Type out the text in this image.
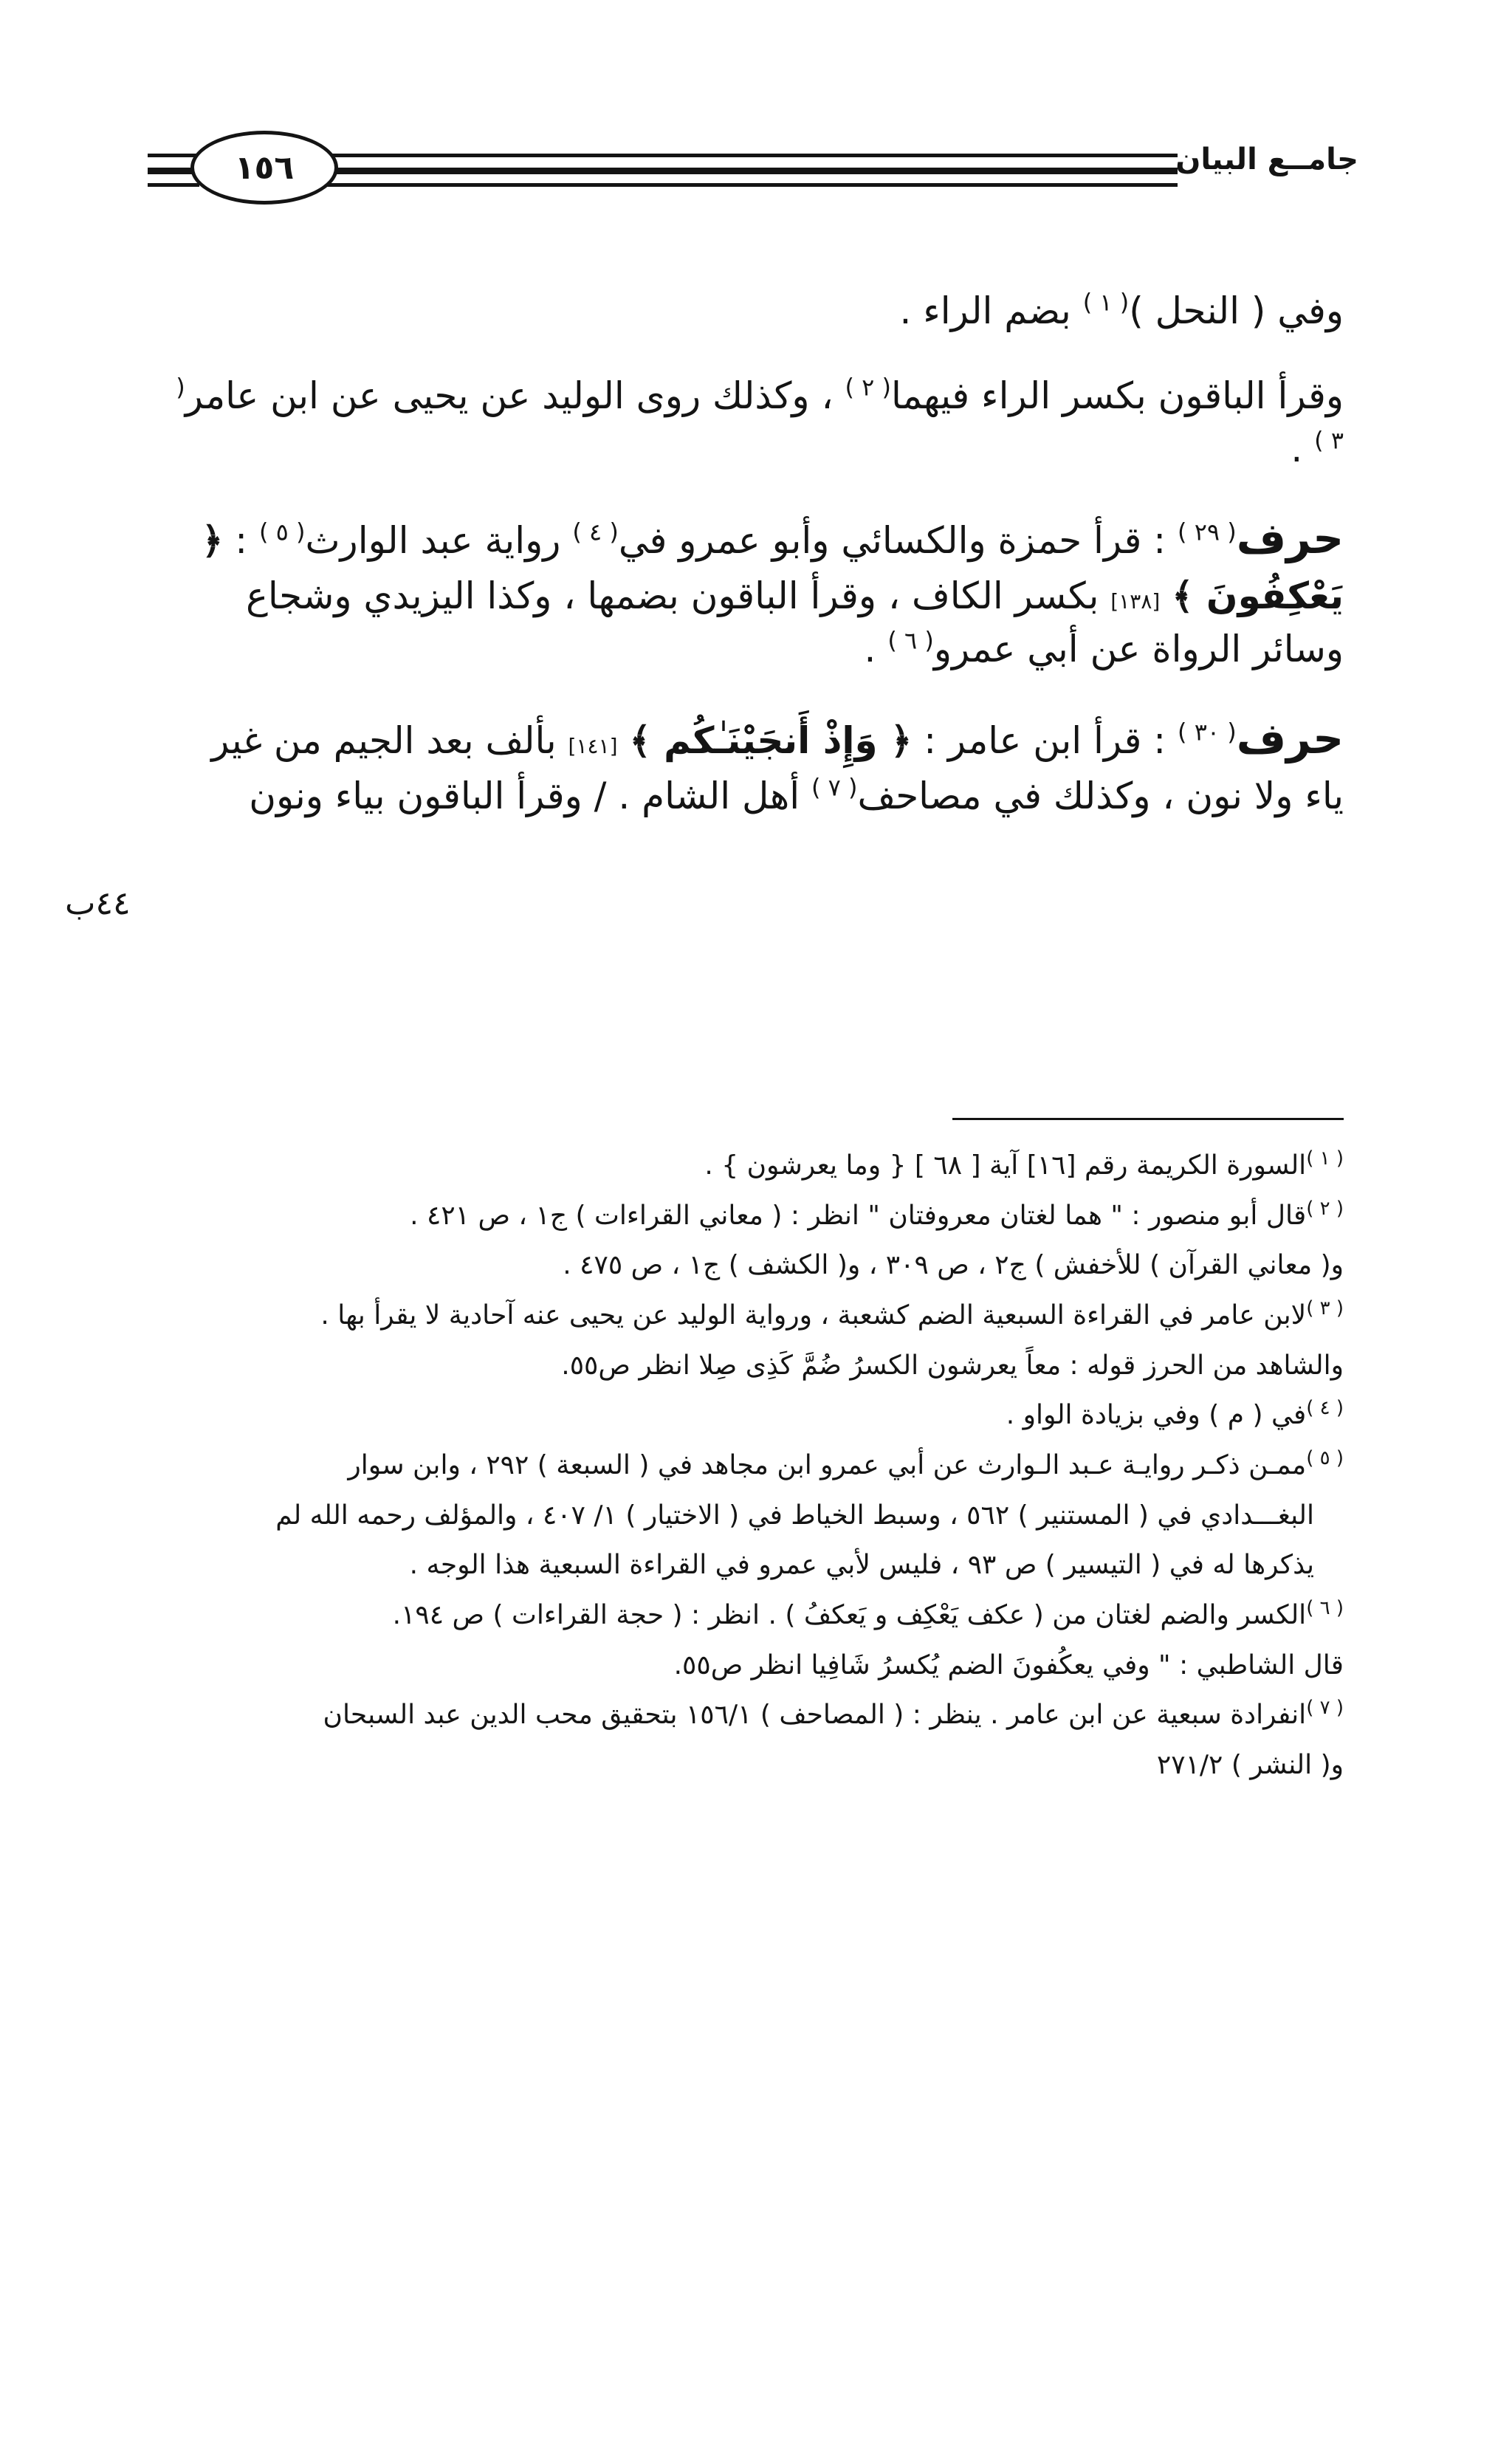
١٥٦	جامــع البيان

وفي ( النحل )$^{( ١ )}$ بضم الراء .

وقرأ الباقون بكسر الراء فيهما$^{( ٢ )}$ ، وكذلك روى الوليد عن يحيى عن ابن عامر$^{( ٣ )}$ .

حرف$^{( ٢٩ )}$ : قرأ حمزة والكسائي وأبو عمرو في$^{( ٤ )}$ رواية عبد الوارث$^{( ٥ )}$ : ﴿ يَعْكِفُونَ ﴾ [١٣٨] بكسر الكاف ، وقرأ الباقون بضمها ، وكذا اليزيدي وشجاع وسائر الرواة عن أبي عمرو$^{( ٦ )}$ .

حرف$^{( ٣٠ )}$ : قرأ ابن عامر : ﴿ وَإِذْ أَنجَيْنَـٰكُم ﴾ [١٤١] بألف بعد الجيم من غير ياء ولا نون ، وكذلك في مصاحف$^{( ٧ )}$ أهل الشام . / وقرأ الباقون بياء ونون

٤٤ب

$^{( ١ )}$السورة الكريمة رقم [١٦] آية [ ٦٨ ] { وما يعرشون } .

$^{( ٢ )}$قال أبو منصور : " هما لغتان معروفتان " انظر : ( معاني القراءات ) ج١ ، ص ٤٢١ .

و( معاني القرآن ) للأخفش ) ج٢ ، ص ٣٠٩ ، و( الكشف ) ج١ ، ص ٤٧٥ .

$^{( ٣ )}$لابن عامر في القراءة السبعية الضم كشعبة ، ورواية الوليد عن يحيى عنه آحادية لا يقرأ بها .

والشاهد من الحرز قوله : معاً يعرشون الكسرُ ضُمَّ كَذِى صِلا انظر ص٥٥.

$^{( ٤ )}$في ( م ) وفي بزيادة الواو .

$^{( ٥ )}$ممـن ذكـر روايـة عـبد الـوارث عن أبي عمرو ابن مجاهد في ( السبعة ) ٢٩٢ ، وابن سوار

البغـــدادي في ( المستنير ) ٥٦٢ ، وسبط الخياط في ( الاختيار ) ١/ ٤٠٧ ، والمؤلف رحمه الله لم

يذكرها له في ( التيسير ) ص ٩٣ ، فليس لأبي عمرو في القراءة السبعية هذا الوجه .

$^{( ٦ )}$الكسر والضم لغتان من ( عكف يَعْكِف و يَعكفُ ) . انظر : ( حجة القراءات ) ص ١٩٤.

قال الشاطبي : " وفي يعكُفونَ الضم يُكسرُ شَافِيا انظر ص٥٥.

$^{( ٧ )}$انفرادة سبعية عن ابن عامر . ينظر : ( المصاحف ) ١٥٦/١ بتحقيق محب الدين عبد السبحان

و( النشر ) ٢٧١/٢
